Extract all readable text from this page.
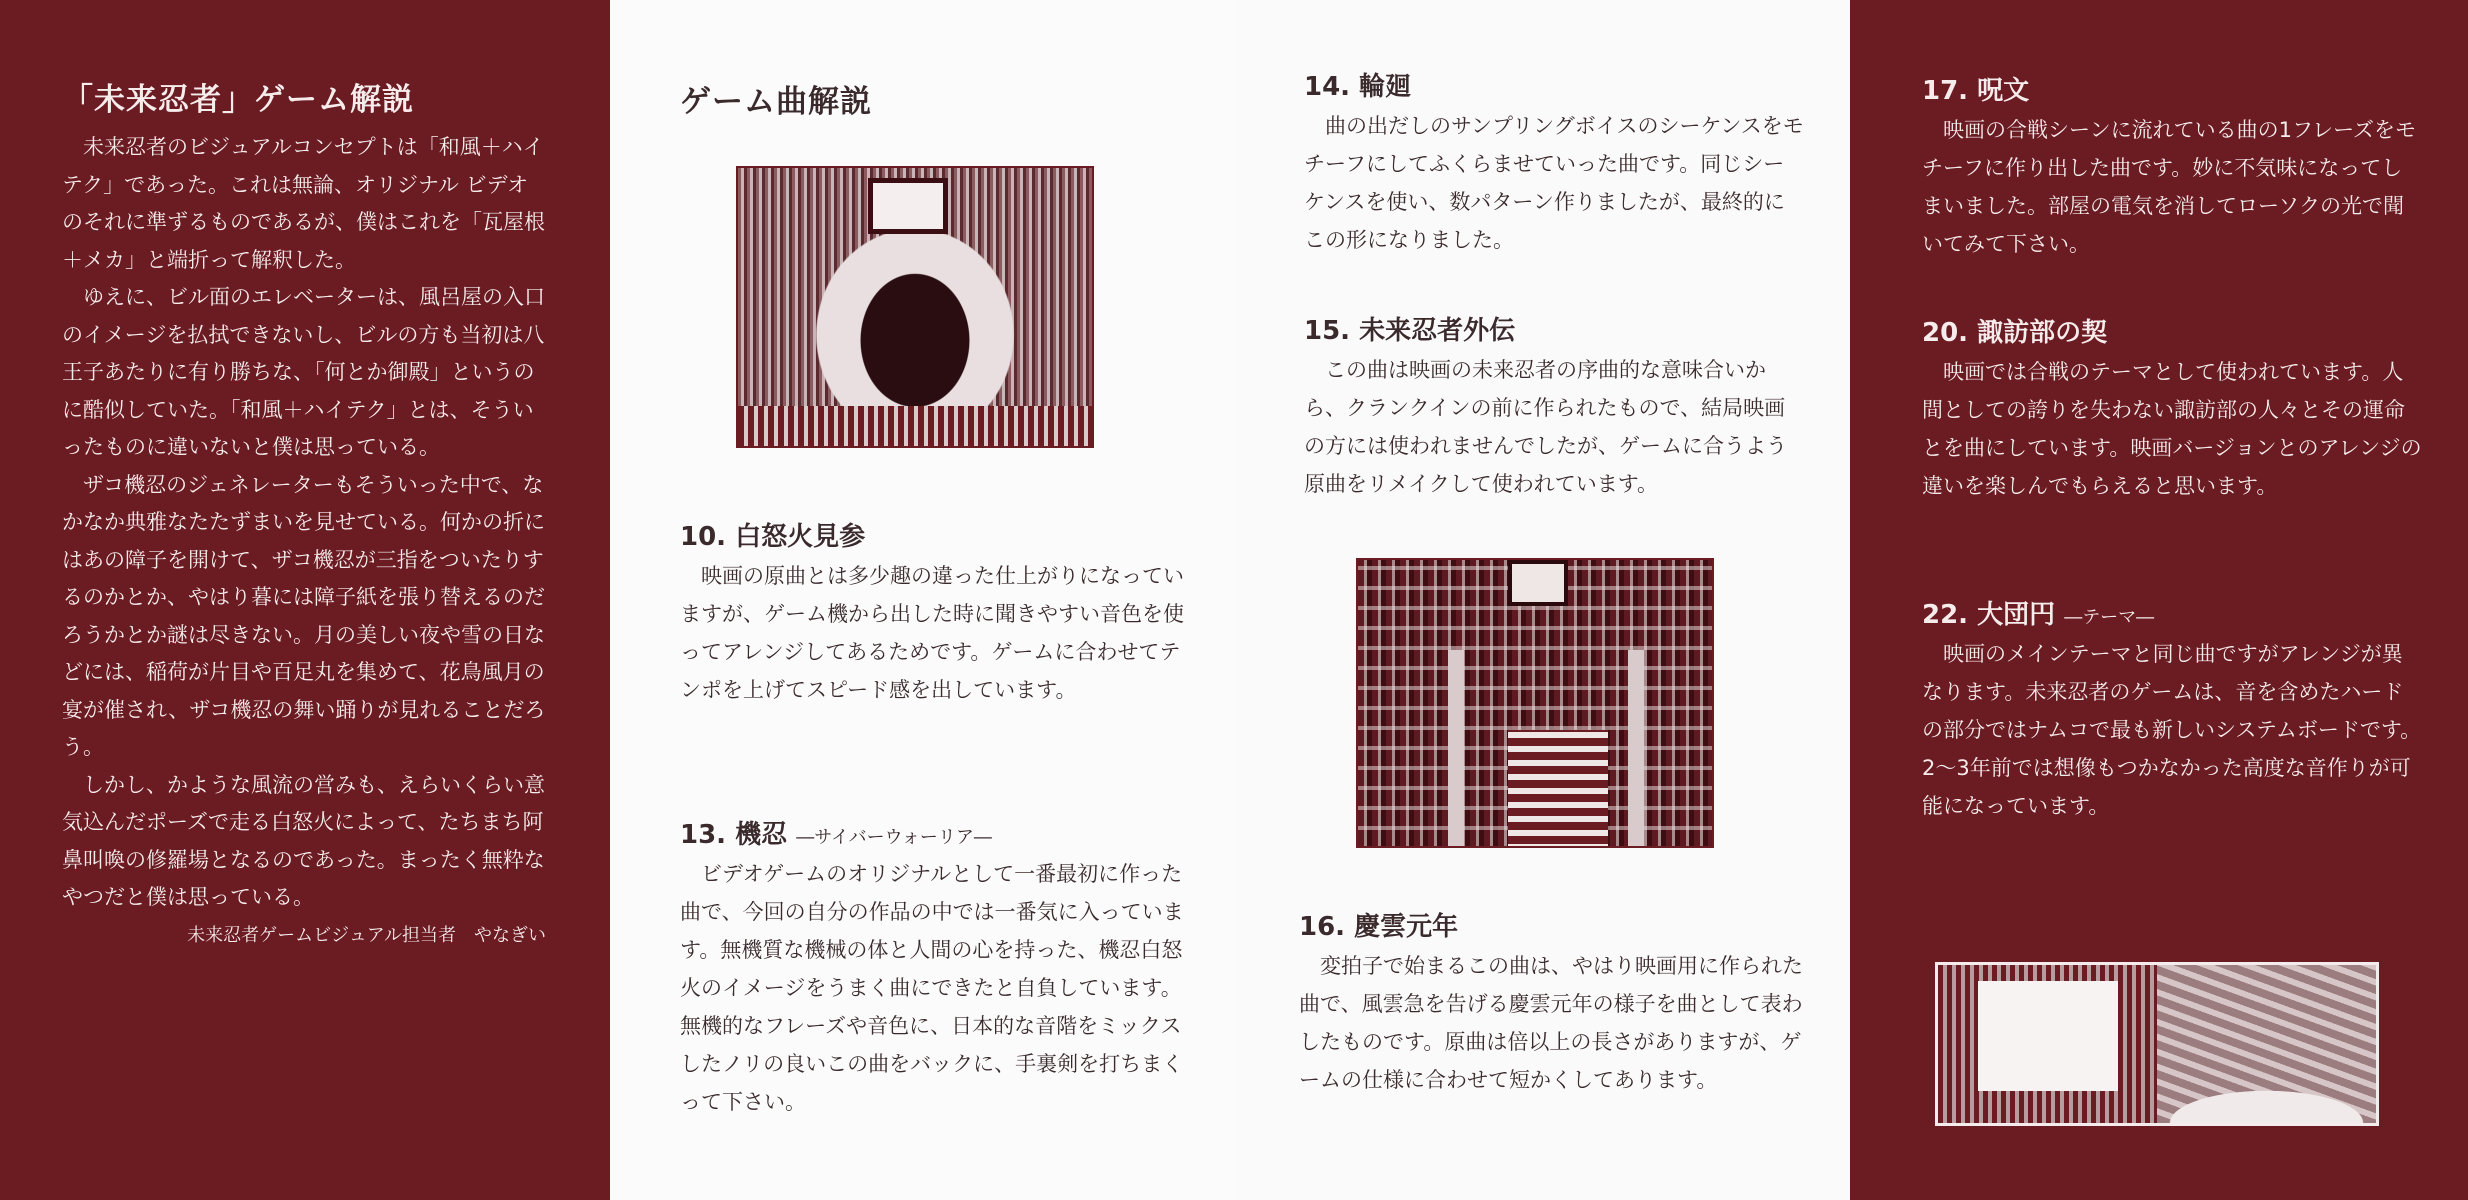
「未来忍者」ゲーム解説

未来忍者のビジュアルコンセプトは「和風＋ハイテク」であった。これは無論、オリジナル ビデオのそれに準ずるものであるが、僕はこれを「瓦屋根＋メカ」と端折って解釈した。

ゆえに、ビル面のエレベーターは、風呂屋の入口のイメージを払拭できないし、ビルの方も当初は八王子あたりに有り勝ちな、「何とか御殿」というのに酷似していた。「和風＋ハイテク」とは、そういったものに違いないと僕は思っている。

ザコ機忍のジェネレーターもそういった中で、なかなか典雅なたたずまいを見せている。何かの折にはあの障子を開けて、ザコ機忍が三指をついたりするのかとか、やはり暮には障子紙を張り替えるのだろうかとか謎は尽きない。月の美しい夜や雪の日などには、稲荷が片目や百足丸を集めて、花鳥風月の宴が催され、ザコ機忍の舞い踊りが見れることだろう。

しかし、かような風流の営みも、えらいくらい意気込んだポーズで走る白怒火によって、たちまち阿鼻叫喚の修羅場となるのであった。まったく無粋なやつだと僕は思っている。

未来忍者ゲームビジュアル担当者　やなぎい
ゲーム曲解説
10. 白怒火見参

映画の原曲とは多少趣の違った仕上がりになっていますが、ゲーム機から出した時に聞きやすい音色を使ってアレンジしてあるためです。ゲームに合わせてテンポを上げてスピード感を出しています。

13. 機忍 ―サイバーウォーリア―

ビデオゲームのオリジナルとして一番最初に作った曲で、今回の自分の作品の中では一番気に入っています。無機質な機械の体と人間の心を持った、機忍白怒火のイメージをうまく曲にできたと自負しています。無機的なフレーズや音色に、日本的な音階をミックスしたノリの良いこの曲をバックに、手裏剣を打ちまくって下さい。

14. 輪廻

曲の出だしのサンプリングボイスのシーケンスをモチーフにしてふくらませていった曲です。同じシーケンスを使い、数パターン作りましたが、最終的にこの形になりました。

15. 未来忍者外伝

この曲は映画の未来忍者の序曲的な意味合いから、クランクインの前に作られたもので、結局映画の方には使われませんでしたが、ゲームに合うよう原曲をリメイクして使われています。

16. 慶雲元年

変拍子で始まるこの曲は、やはり映画用に作られた曲で、風雲急を告げる慶雲元年の様子を曲として表わしたものです。原曲は倍以上の長さがありますが、ゲームの仕様に合わせて短かくしてあります。

17. 呪文

映画の合戦シーンに流れている曲の1フレーズをモチーフに作り出した曲です。妙に不気味になってしまいました。部屋の電気を消してローソクの光で聞いてみて下さい。

20. 諏訪部の契

映画では合戦のテーマとして使われています。人間としての誇りを失わない諏訪部の人々とその運命とを曲にしています。映画バージョンとのアレンジの違いを楽しんでもらえると思います。

22. 大団円 ―テーマ―

映画のメインテーマと同じ曲ですがアレンジが異なります。未来忍者のゲームは、音を含めたハードの部分ではナムコで最も新しいシステムボードです。2〜3年前では想像もつかなかった高度な音作りが可能になっています。
